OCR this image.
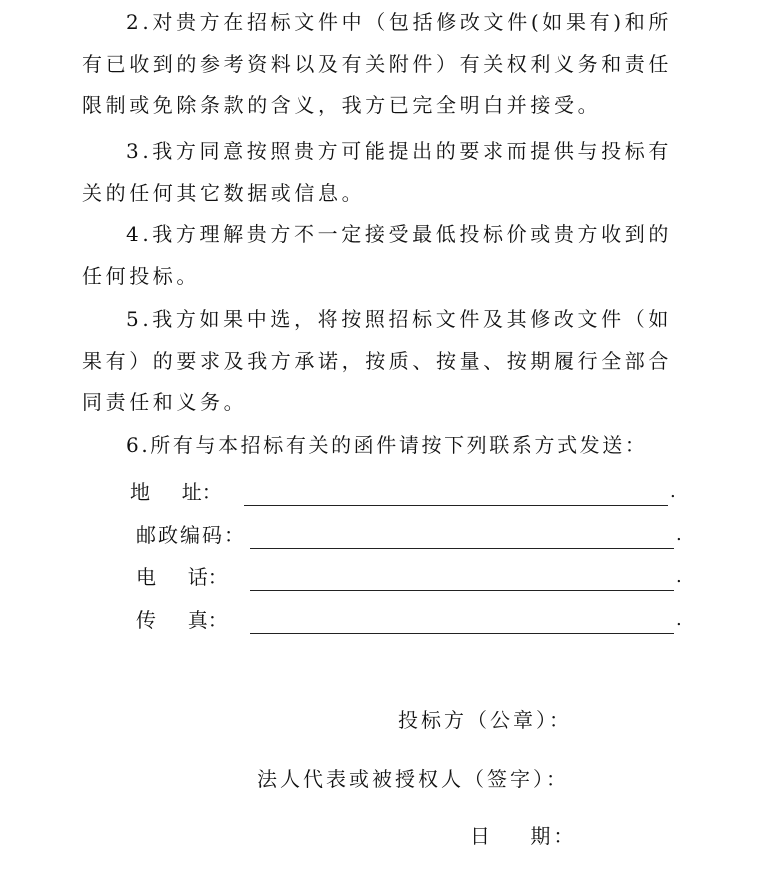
2.对贵方在招标文件中（包括修改文件(如果有)和所有已收到的参考资料以及有关附件）有关权利义务和责任限制或免除条款的含义，我方已完全明白并接受。

3.我方同意按照贵方可能提出的要求而提供与投标有关的任何其它数据或信息。

4.我方理解贵方不一定接受最低投标价或贵方收到的任何投标。

5.我方如果中选，将按照招标文件及其修改文件（如果有）的要求及我方承诺，按质、按量、按期履行全部合同责任和义务。

6.所有与本招标有关的函件请按下列联系方式发送：

地     址：	.
邮政编码：	.
电     话：	.
传     真：	.
投标方（公章）：
法人代表或被授权人（签字）：
日    期：
